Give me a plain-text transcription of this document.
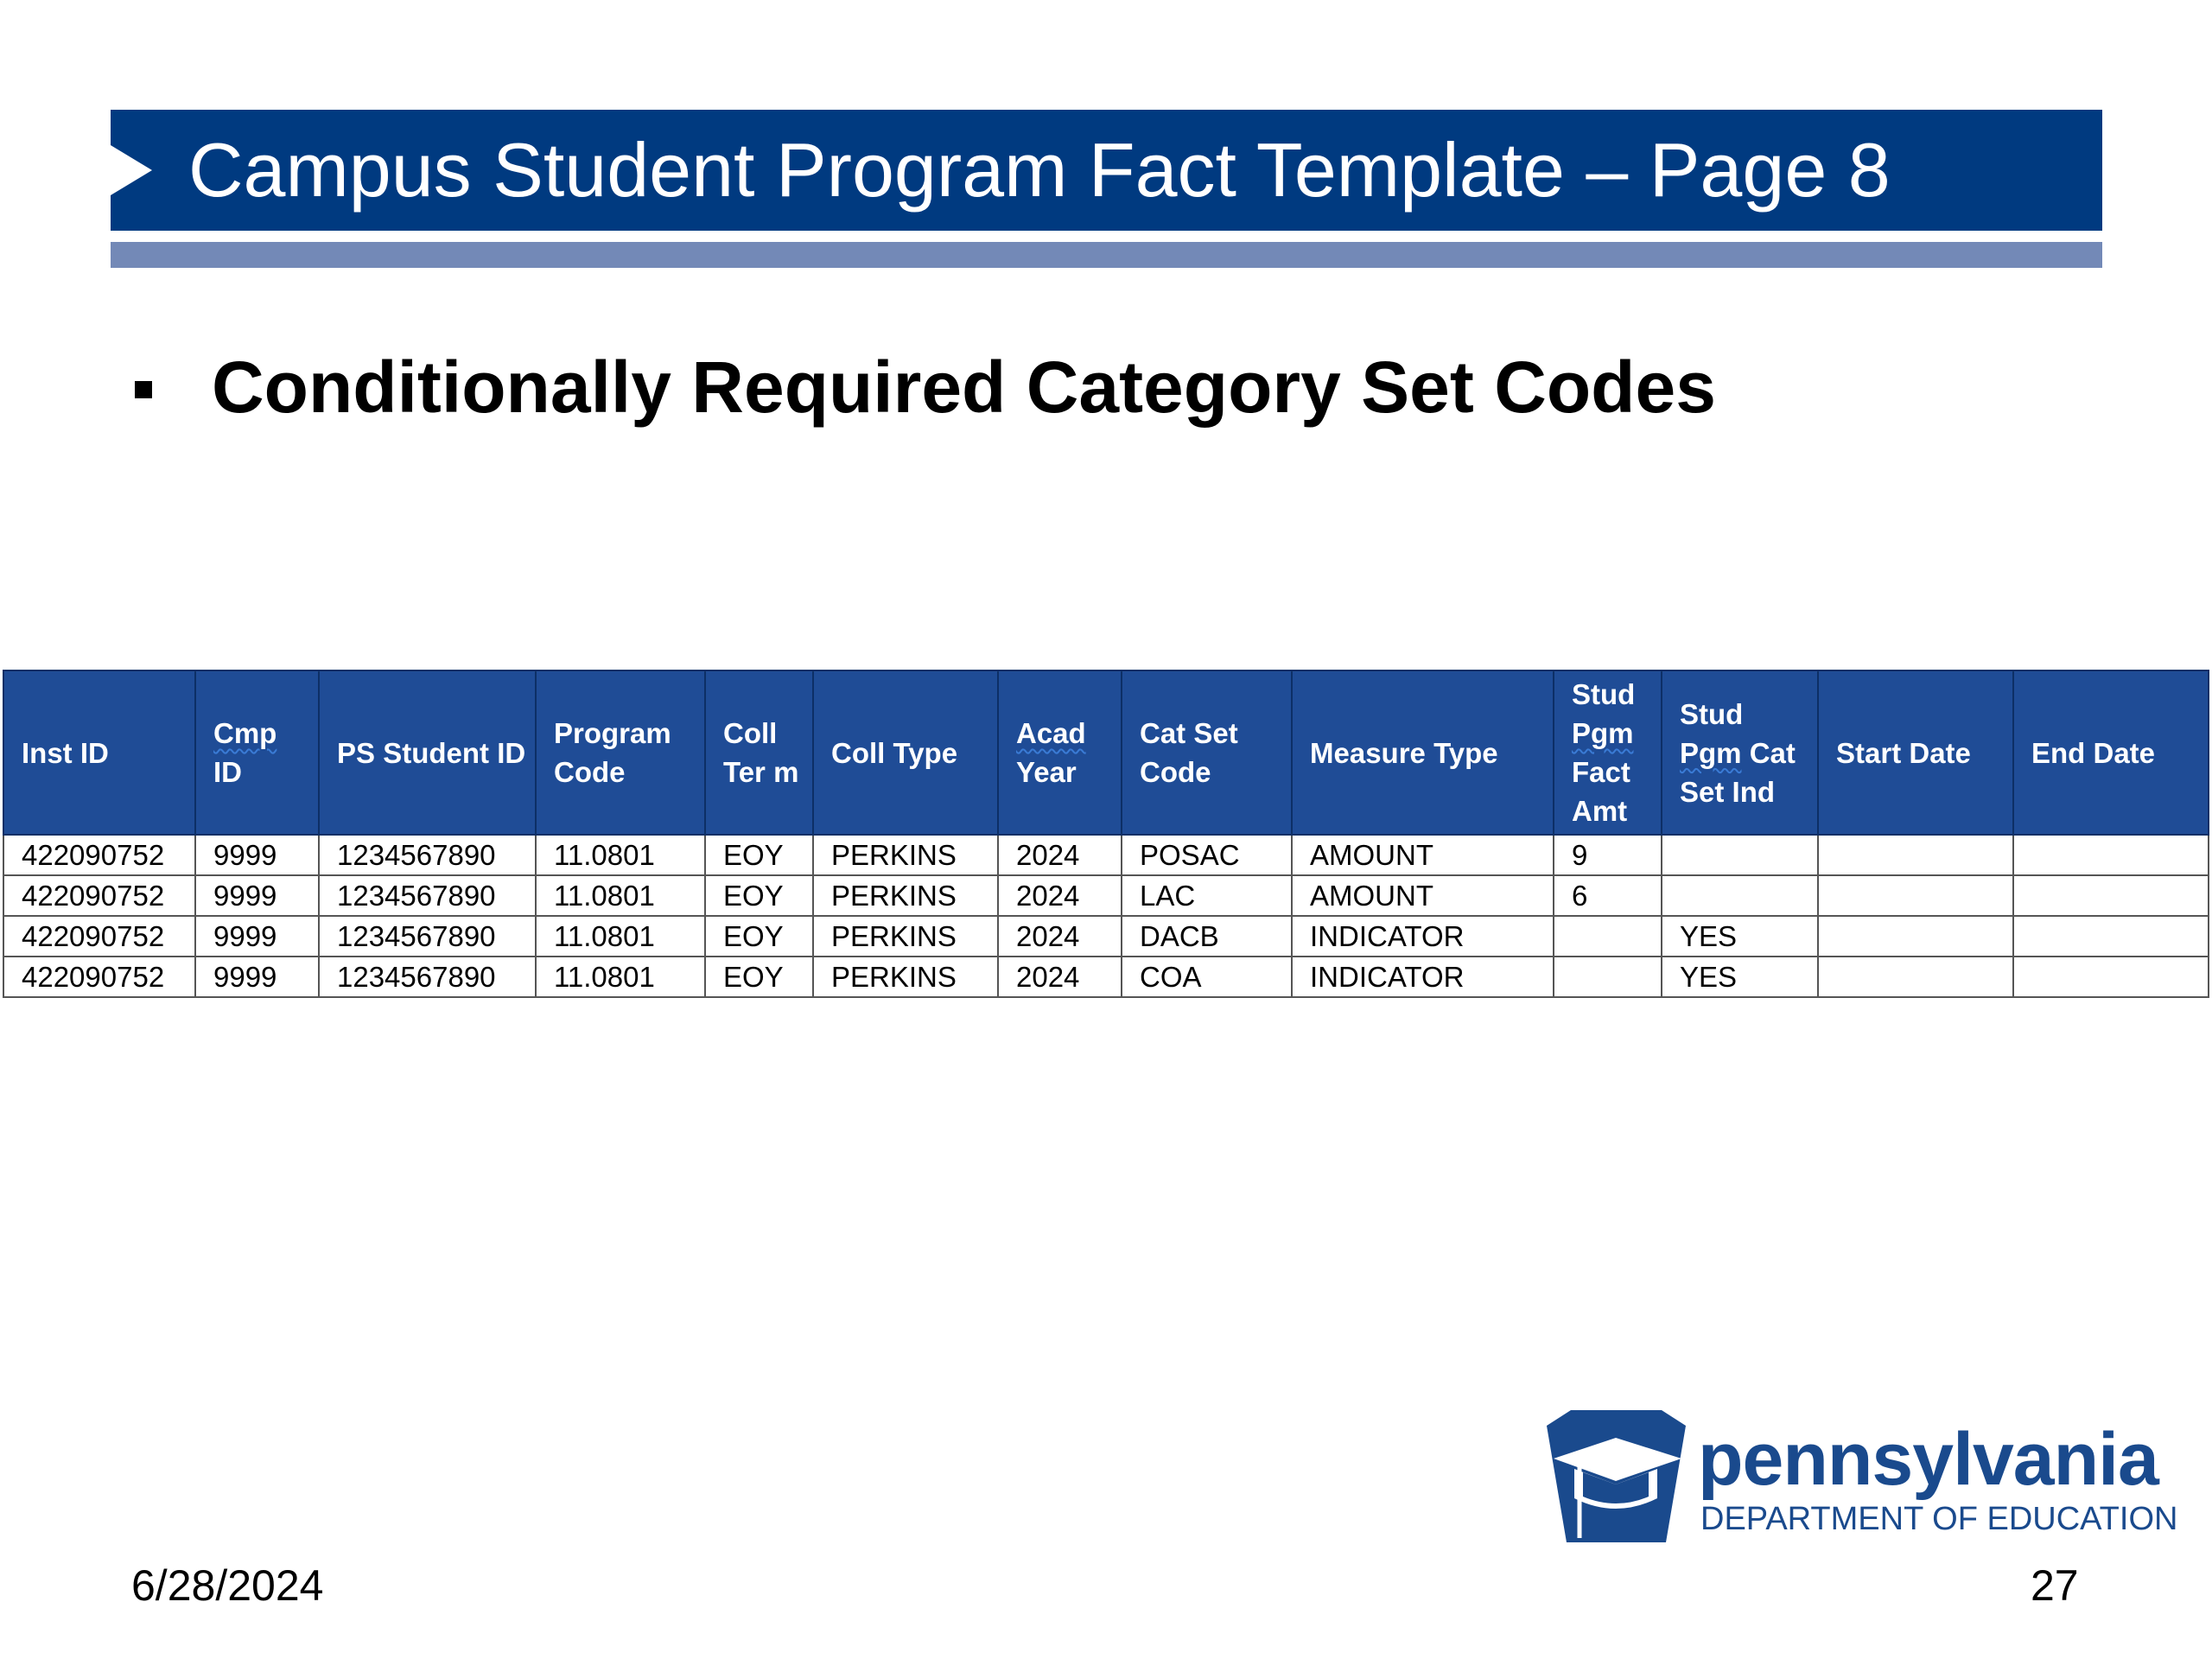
Campus Student Program Fact Template – Page 8
Conditionally Required Category Set Codes
Inst ID	Cmp ID	PS Student ID	Program Code	Coll Ter m	Coll Type	Acad Year	Cat Set Code	Measure Type	Stud Pgm Fact Amt	Stud Pgm Cat Set Ind	Start Date	End Date
422090752	9999	1234567890	11.0801	EOY	PERKINS	2024	POSAC	AMOUNT	9			
422090752	9999	1234567890	11.0801	EOY	PERKINS	2024	LAC	AMOUNT	6			
422090752	9999	1234567890	11.0801	EOY	PERKINS	2024	DACB	INDICATOR		YES		
422090752	9999	1234567890	11.0801	EOY	PERKINS	2024	COA	INDICATOR		YES		
6/28/2024	27
pennsylvania
DEPARTMENT OF EDUCATION
